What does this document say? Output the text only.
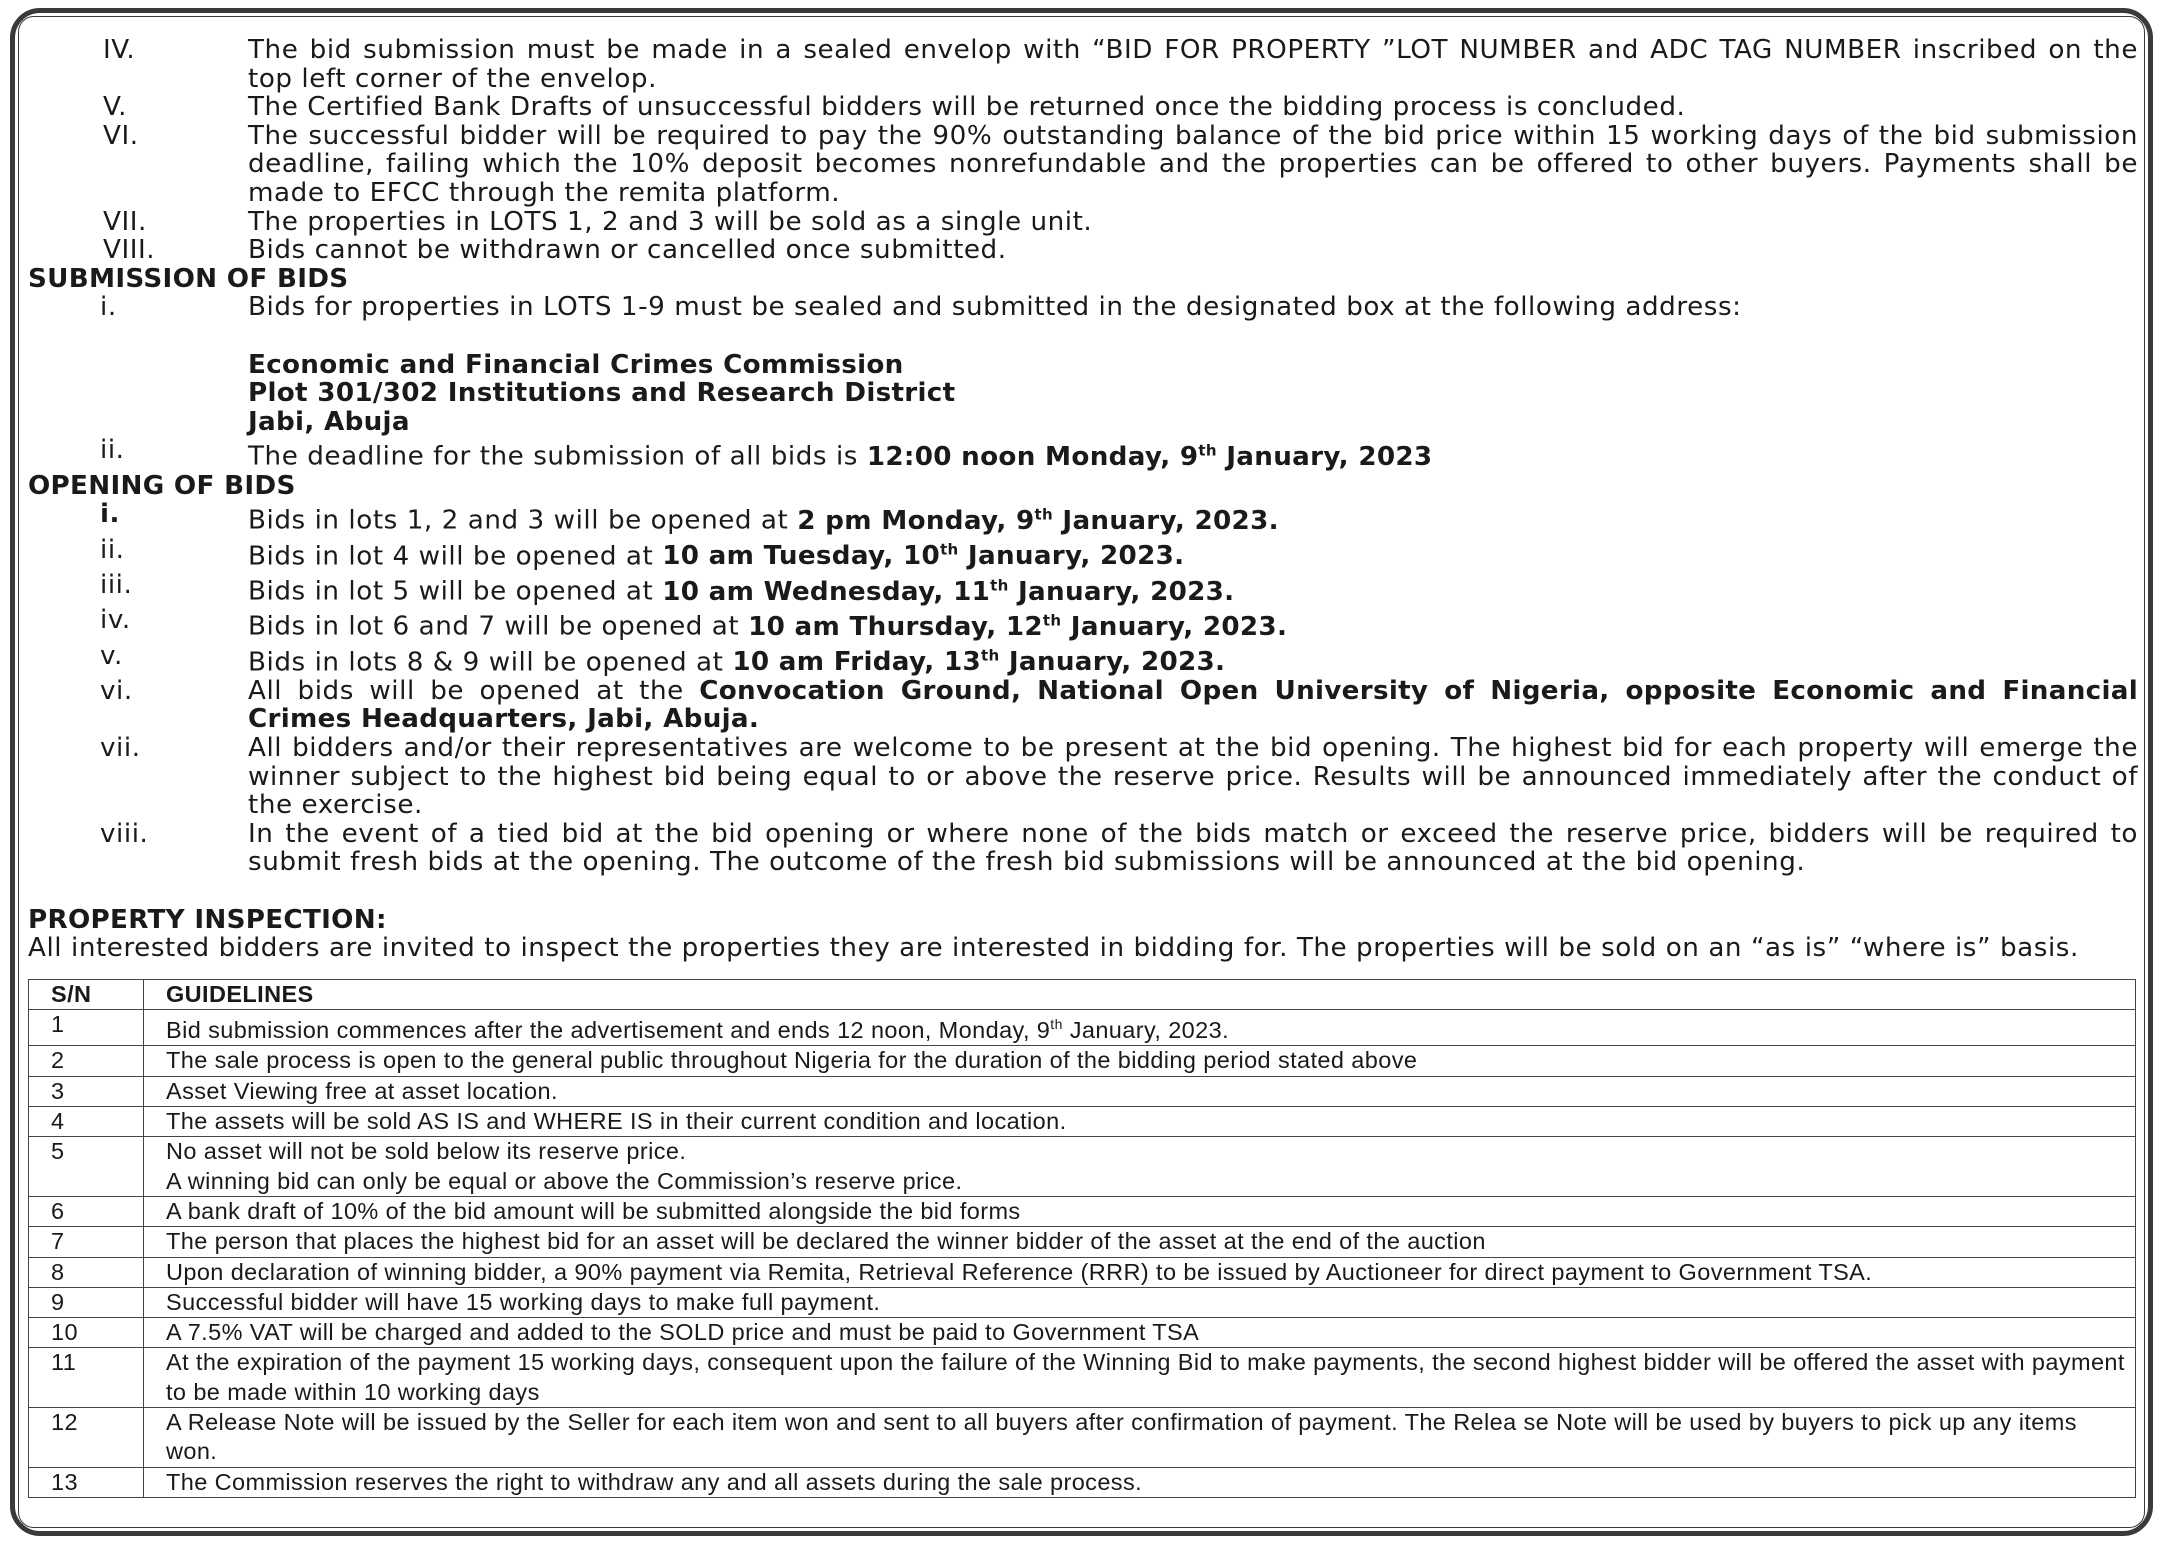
IV.	The bid submission must be made in a sealed envelop with “BID FOR PROPERTY ”LOT NUMBER and ADC TAG NUMBER inscribed on the top left corner of the envelop.
V.	The Certified Bank Drafts of unsuccessful bidders will be returned once the bidding process is concluded.
VI.	The successful bidder will be required to pay the 90% outstanding balance of the bid price within 15 working days of the bid submission deadline, failing which the 10% deposit becomes nonrefundable and the properties can be offered to other buyers. Payments shall be made to EFCC through the remita platform.
VII.	The properties in LOTS 1, 2 and 3 will be sold as a single unit.
VIII.	Bids cannot be withdrawn or cancelled once submitted.
SUBMISSION OF BIDS
i.	Bids for properties in LOTS 1-9 must be sealed and submitted in the designated box at the following address:
Economic and Financial Crimes Commission
Plot 301/302 Institutions and Research District
Jabi, Abuja
ii.	The deadline for the submission of all bids is 12:00 noon Monday, 9th January, 2023
OPENING OF BIDS
i.	Bids in lots 1, 2 and 3 will be opened at 2 pm Monday, 9th January, 2023.
ii.	Bids in lot 4 will be opened at 10 am Tuesday, 10th January, 2023.
iii.	Bids in lot 5 will be opened at 10 am Wednesday, 11th January, 2023.
iv.	Bids in lot 6 and 7 will be opened at 10 am Thursday, 12th January, 2023.
v.	Bids in lots 8 & 9 will be opened at 10 am Friday, 13th January, 2023.
vi.	All bids will be opened at the Convocation Ground, National Open University of Nigeria, opposite Economic and Financial Crimes Headquarters, Jabi, Abuja.
vii.	All bidders and/or their representatives are welcome to be present at the bid opening. The highest bid for each property will emerge the winner subject to the highest bid being equal to or above the reserve price. Results will be announced immediately after the conduct of the exercise.
viii.	In the event of a tied bid at the bid opening or where none of the bids match or exceed the reserve price, bidders will be required to submit fresh bids at the opening. The outcome of the fresh bid submissions will be announced at the bid opening.
PROPERTY INSPECTION:
All interested bidders are invited to inspect the properties they are interested in bidding for. The properties will be sold on an “as is” “where is” basis.
S/N	GUIDELINES
1	Bid submission commences after the advertisement and ends 12 noon, Monday, 9th January, 2023.
2	The sale process is open to the general public throughout Nigeria for the duration of the bidding period stated above

3	Asset Viewing free at asset location.

4	The assets will be sold AS IS and WHERE IS in their current condition and location.

5	No asset will not be sold below its reserve price.
A winning bid can only be equal or above the Commission’s reserve price.

6	A bank draft of 10% of the bid amount will be submitted alongside the bid forms

7	The person that places the highest bid for an asset will be declared the winner bidder of the asset at the end of the auction

8	Upon declaration of winning bidder, a 90% payment via Remita, Retrieval Reference (RRR) to be issued by Auctioneer for direct payment to Government TSA.

9	Successful bidder will have 15 working days to make full payment.

10	A 7.5% VAT will be charged and added to the SOLD price and must be paid to Government TSA

11	At the expiration of the payment 15 working days, consequent upon the failure of the Winning Bid to make payments, the second highest bidder will be offered the asset with payment to be made within 10 working days

12	A Release Note will be issued by the Seller for each item won and sent to all buyers after confirmation of payment. The Relea se Note will be used by buyers to pick up any items won.

13	The Commission reserves the right to withdraw any and all assets during the sale process.
